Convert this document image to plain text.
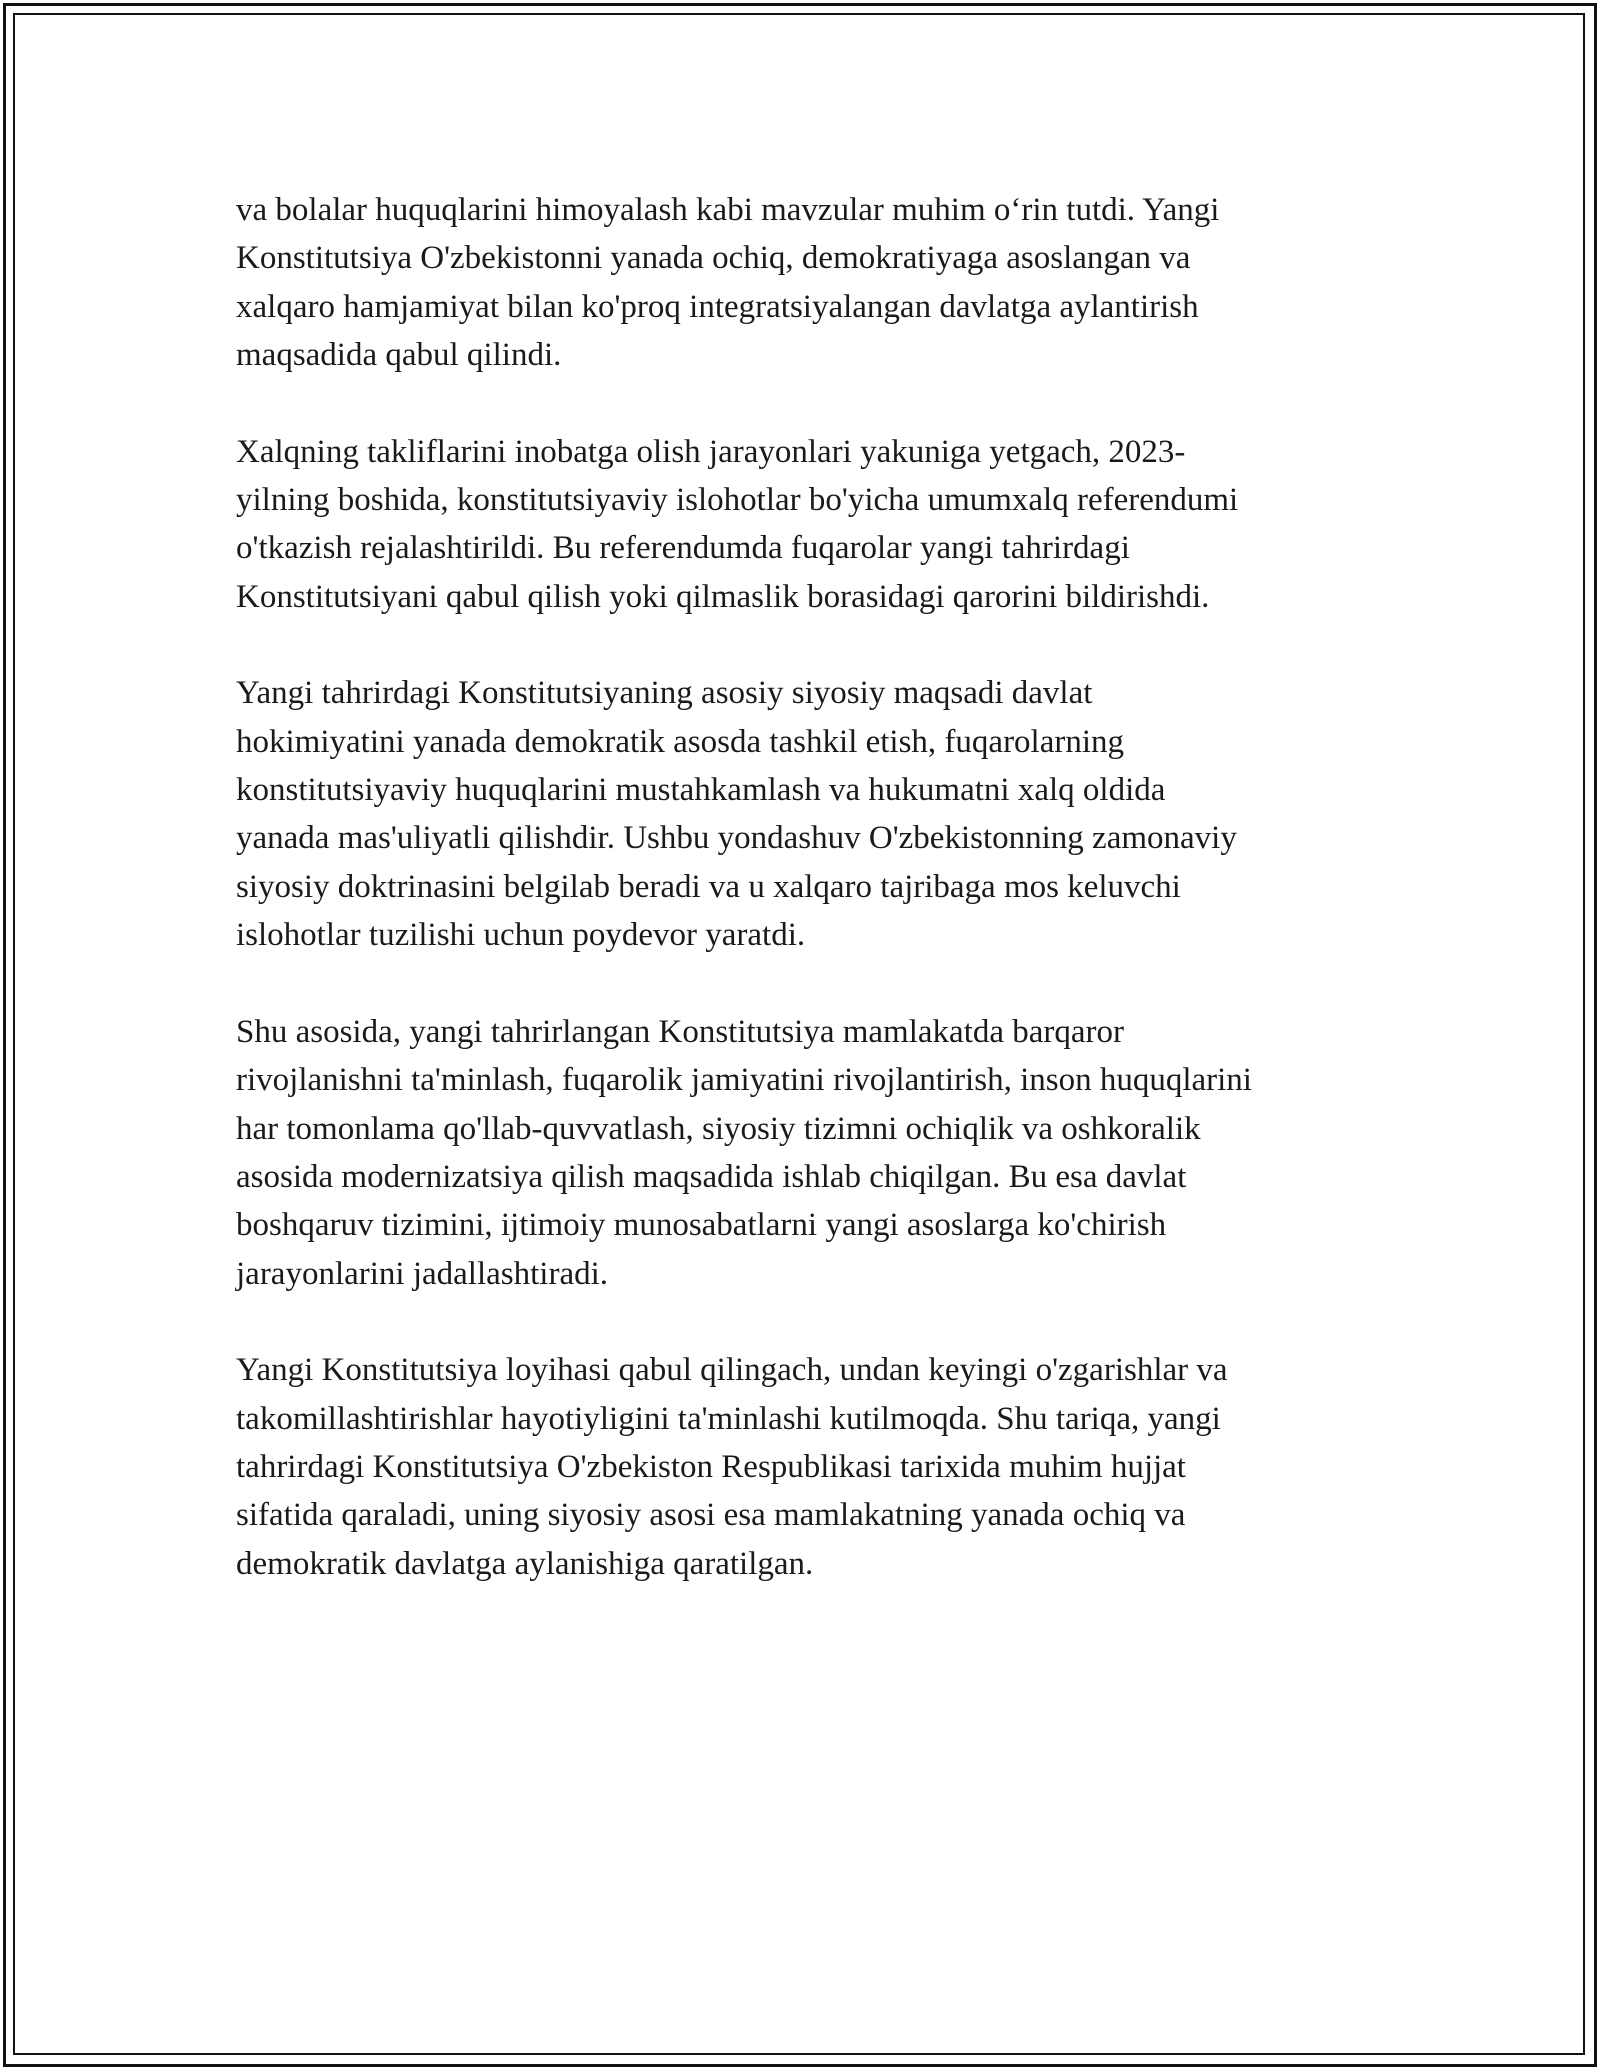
va bolalar huquqlarini himoyalash kabi mavzular muhim o‘rin tutdi. Yangi
Konstitutsiya O'zbekistonni yanada ochiq, demokratiyaga asoslangan va
xalqaro hamjamiyat bilan ko'proq integratsiyalangan davlatga aylantirish
maqsadida qabul qilindi.

Xalqning takliflarini inobatga olish jarayonlari yakuniga yetgach, 2023-
yilning boshida, konstitutsiyaviy islohotlar bo'yicha umumxalq referendumi
o'tkazish rejalashtirildi. Bu referendumda fuqarolar yangi tahrirdagi
Konstitutsiyani qabul qilish yoki qilmaslik borasidagi qarorini bildirishdi.

Yangi tahrirdagi Konstitutsiyaning asosiy siyosiy maqsadi davlat
hokimiyatini yanada demokratik asosda tashkil etish, fuqarolarning
konstitutsiyaviy huquqlarini mustahkamlash va hukumatni xalq oldida
yanada mas'uliyatli qilishdir. Ushbu yondashuv O'zbekistonning zamonaviy
siyosiy doktrinasini belgilab beradi va u xalqaro tajribaga mos keluvchi
islohotlar tuzilishi uchun poydevor yaratdi.

Shu asosida, yangi tahrirlangan Konstitutsiya mamlakatda barqaror
rivojlanishni ta'minlash, fuqarolik jamiyatini rivojlantirish, inson huquqlarini
har tomonlama qo'llab-quvvatlash, siyosiy tizimni ochiqlik va oshkoralik
asosida modernizatsiya qilish maqsadida ishlab chiqilgan. Bu esa davlat
boshqaruv tizimini, ijtimoiy munosabatlarni yangi asoslarga ko'chirish
jarayonlarini jadallashtiradi.

Yangi Konstitutsiya loyihasi qabul qilingach, undan keyingi o'zgarishlar va
takomillashtirishlar hayotiyligini ta'minlashi kutilmoqda. Shu tariqa, yangi
tahrirdagi Konstitutsiya O'zbekiston Respublikasi tarixida muhim hujjat
sifatida qaraladi, uning siyosiy asosi esa mamlakatning yanada ochiq va
demokratik davlatga aylanishiga qaratilgan.
